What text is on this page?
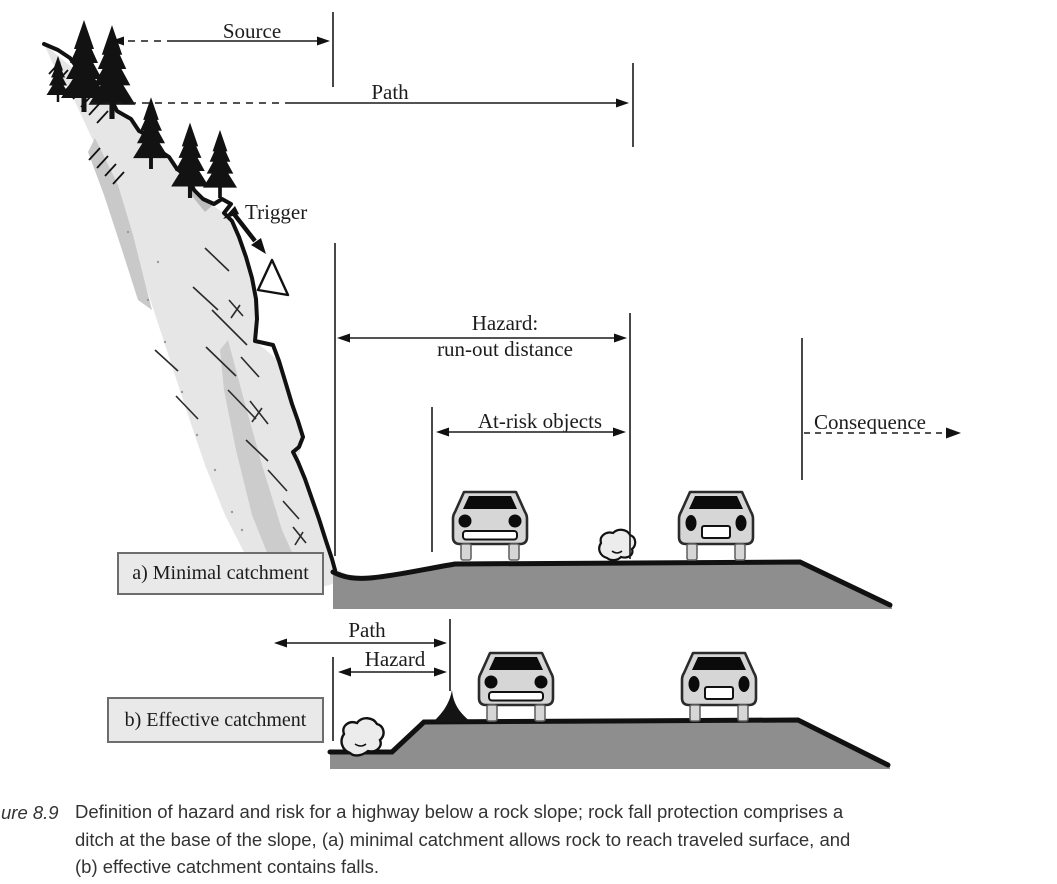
Source
Path
Trigger
Hazard:
run-out distance
At-risk objects	Consequence
Path
Hazard
a) Minimal catchment
b) Effective catchment
ure 8.9 Definition of hazard and risk for a highway below a rock slope; rock fall protection comprises a
ditch at the base of the slope, (a) minimal catchment allows rock to reach traveled surface, and
(b) effective catchment contains falls.
